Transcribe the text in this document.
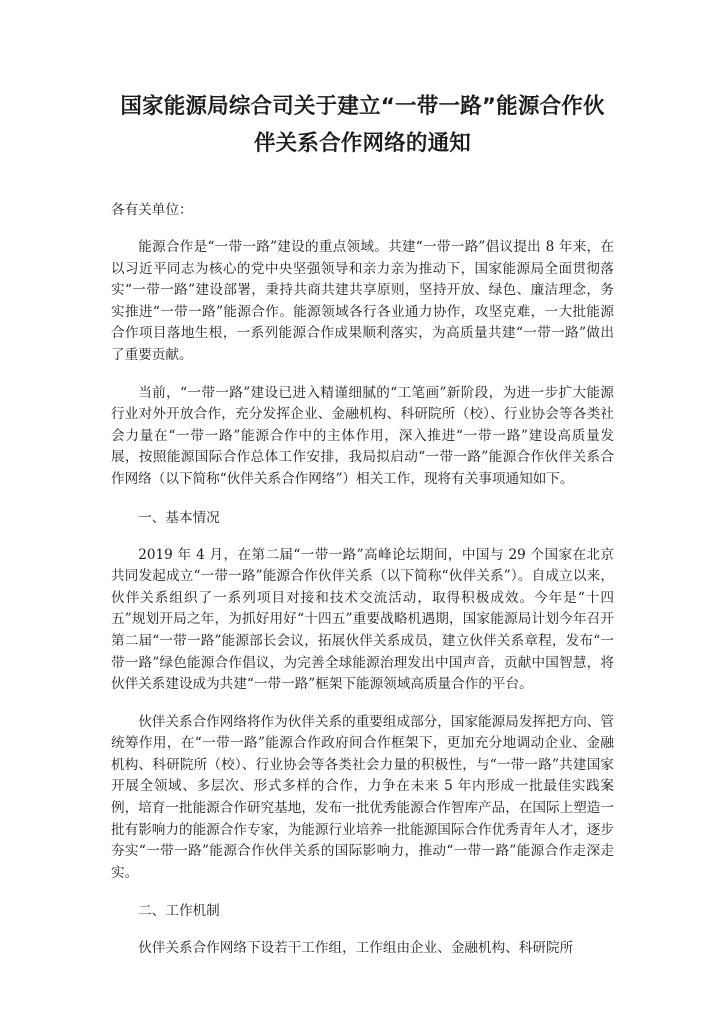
国家能源局综合司关于建立“一带一路”能源合作伙
伴关系合作网络的通知

各有关单位：

能源合作是“一带一路”建设的重点领域。共建“一带一路”倡议提出 8 年来，在以习近平同志为核心的党中央坚强领导和亲力亲为推动下，国家能源局全面贯彻落实“一带一路”建设部署，秉持共商共建共享原则，坚持开放、绿色、廉洁理念，务实推进“一带一路”能源合作。能源领域各行各业通力协作，攻坚克难，一大批能源合作项目落地生根，一系列能源合作成果顺利落实，为高质量共建“一带一路”做出了重要贡献。

当前，“一带一路”建设已进入精谨细腻的“工笔画”新阶段，为进一步扩大能源行业对外开放合作，充分发挥企业、金融机构、科研院所（校）、行业协会等各类社会力量在“一带一路”能源合作中的主体作用，深入推进“一带一路”建设高质量发展，按照能源国际合作总体工作安排，我局拟启动“一带一路”能源合作伙伴关系合作网络（以下简称“伙伴关系合作网络”）相关工作，现将有关事项通知如下。

一、基本情况

2019 年 4 月，在第二届“一带一路”高峰论坛期间，中国与 29 个国家在北京共同发起成立“一带一路”能源合作伙伴关系（以下简称“伙伴关系”）。自成立以来，伙伴关系组织了一系列项目对接和技术交流活动，取得积极成效。今年是“十四五”规划开局之年，为抓好用好“十四五”重要战略机遇期，国家能源局计划今年召开第二届“一带一路”能源部长会议，拓展伙伴关系成员，建立伙伴关系章程，发布“一带一路”绿色能源合作倡议，为完善全球能源治理发出中国声音，贡献中国智慧，将伙伴关系建设成为共建“一带一路”框架下能源领域高质量合作的平台。

伙伴关系合作网络将作为伙伴关系的重要组成部分，国家能源局发挥把方向、管统筹作用，在“一带一路”能源合作政府间合作框架下，更加充分地调动企业、金融机构、科研院所（校）、行业协会等各类社会力量的积极性，与“一带一路”共建国家开展全领域、多层次、形式多样的合作，力争在未来 5 年内形成一批最佳实践案例，培育一批能源合作研究基地，发布一批优秀能源合作智库产品，在国际上塑造一批有影响力的能源合作专家，为能源行业培养一批能源国际合作优秀青年人才，逐步夯实“一带一路”能源合作伙伴关系的国际影响力，推动“一带一路”能源合作走深走实。

二、工作机制

伙伴关系合作网络下设若干工作组，工作组由企业、金融机构、科研院所
